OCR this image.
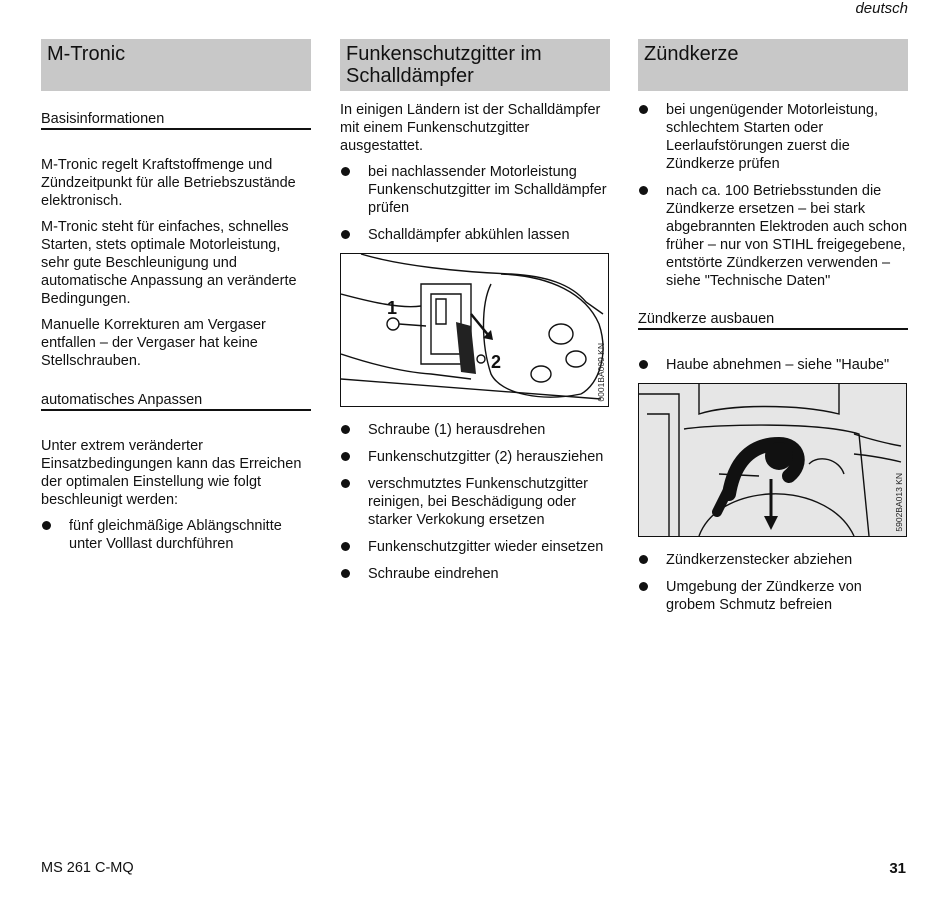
deutsch
M-Tronic
Basisinformationen

M-Tronic regelt Kraftstoffmenge und Zündzeitpunkt für alle Betriebszustände elektronisch.

M-Tronic steht für einfaches, schnelles Starten, stets optimale Motorleistung, sehr gute Beschleunigung und automatische Anpassung an veränderte Bedingungen.

Manuelle Korrekturen am Vergaser entfallen – der Vergaser hat keine Stellschrauben.

automatisches Anpassen

Unter extrem veränderter Einsatzbedingungen kann das Erreichen der optimalen Einstellung wie folgt beschleunigt werden:

fünf gleichmäßige Ablängschnitte unter Volllast durchführen
Funkenschutzgitter im Schalldämpfer

In einigen Ländern ist der Schalldämpfer mit einem Funkenschutzgitter ausgestattet.

bei nachlassender Motorleistung Funkenschutzgitter im Schalldämpfer prüfen
Schalldämpfer abkühlen lassen
1
2	0001BA009 KN
Schraube (1) herausdrehen
Funkenschutzgitter (2) herausziehen
verschmutztes Funkenschutzgitter reinigen, bei Beschädigung oder starker Verkokung ersetzen
Funkenschutzgitter wieder einsetzen
Schraube eindrehen
Zündkerze
bei ungenügender Motorleistung, schlechtem Starten oder Leerlaufstörungen zuerst die Zündkerze prüfen
nach ca. 100 Betriebsstunden die Zündkerze ersetzen – bei stark abgebrannten Elektroden auch schon früher – nur von STIHL freigegebene, entstörte Zündkerzen verwenden – siehe "Technische Daten"
Zündkerze ausbauen
Haube abnehmen – siehe "Haube"
5902BA013 KN
Zündkerzenstecker abziehen
Umgebung der Zündkerze von grobem Schmutz befreien
MS 261 C-MQ	31
